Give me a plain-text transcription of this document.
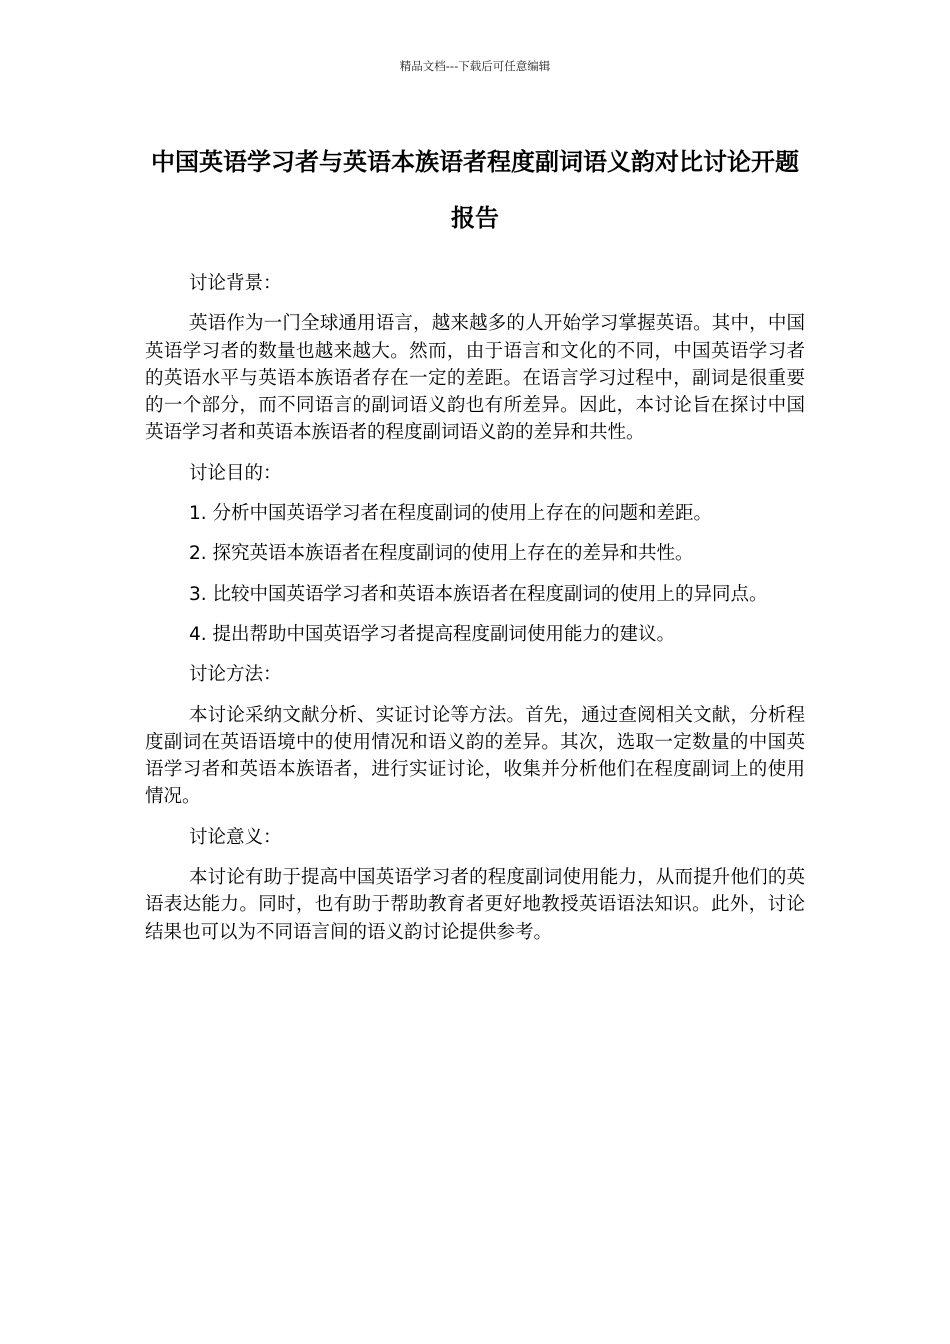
精品文档---下载后可任意编辑
中国英语学习者与英语本族语者程度副词语义韵对比讨论开题报告

讨论背景：

英语作为一门全球通用语言，越来越多的人开始学习掌握英语。其中，中国英语学习者的数量也越来越大。然而，由于语言和文化的不同，中国英语学习者的英语水平与英语本族语者存在一定的差距。在语言学习过程中，副词是很重要的一个部分，而不同语言的副词语义韵也有所差异。因此，本讨论旨在探讨中国英语学习者和英语本族语者的程度副词语义韵的差异和共性。

讨论目的：

1. 分析中国英语学习者在程度副词的使用上存在的问题和差距。

2. 探究英语本族语者在程度副词的使用上存在的差异和共性。

3. 比较中国英语学习者和英语本族语者在程度副词的使用上的异同点。

4. 提出帮助中国英语学习者提高程度副词使用能力的建议。

讨论方法：

本讨论采纳文献分析、实证讨论等方法。首先，通过查阅相关文献，分析程度副词在英语语境中的使用情况和语义韵的差异。其次，选取一定数量的中国英语学习者和英语本族语者，进行实证讨论，收集并分析他们在程度副词上的使用情况。

讨论意义：

本讨论有助于提高中国英语学习者的程度副词使用能力，从而提升他们的英语表达能力。同时，也有助于帮助教育者更好地教授英语语法知识。此外，讨论结果也可以为不同语言间的语义韵讨论提供参考。
